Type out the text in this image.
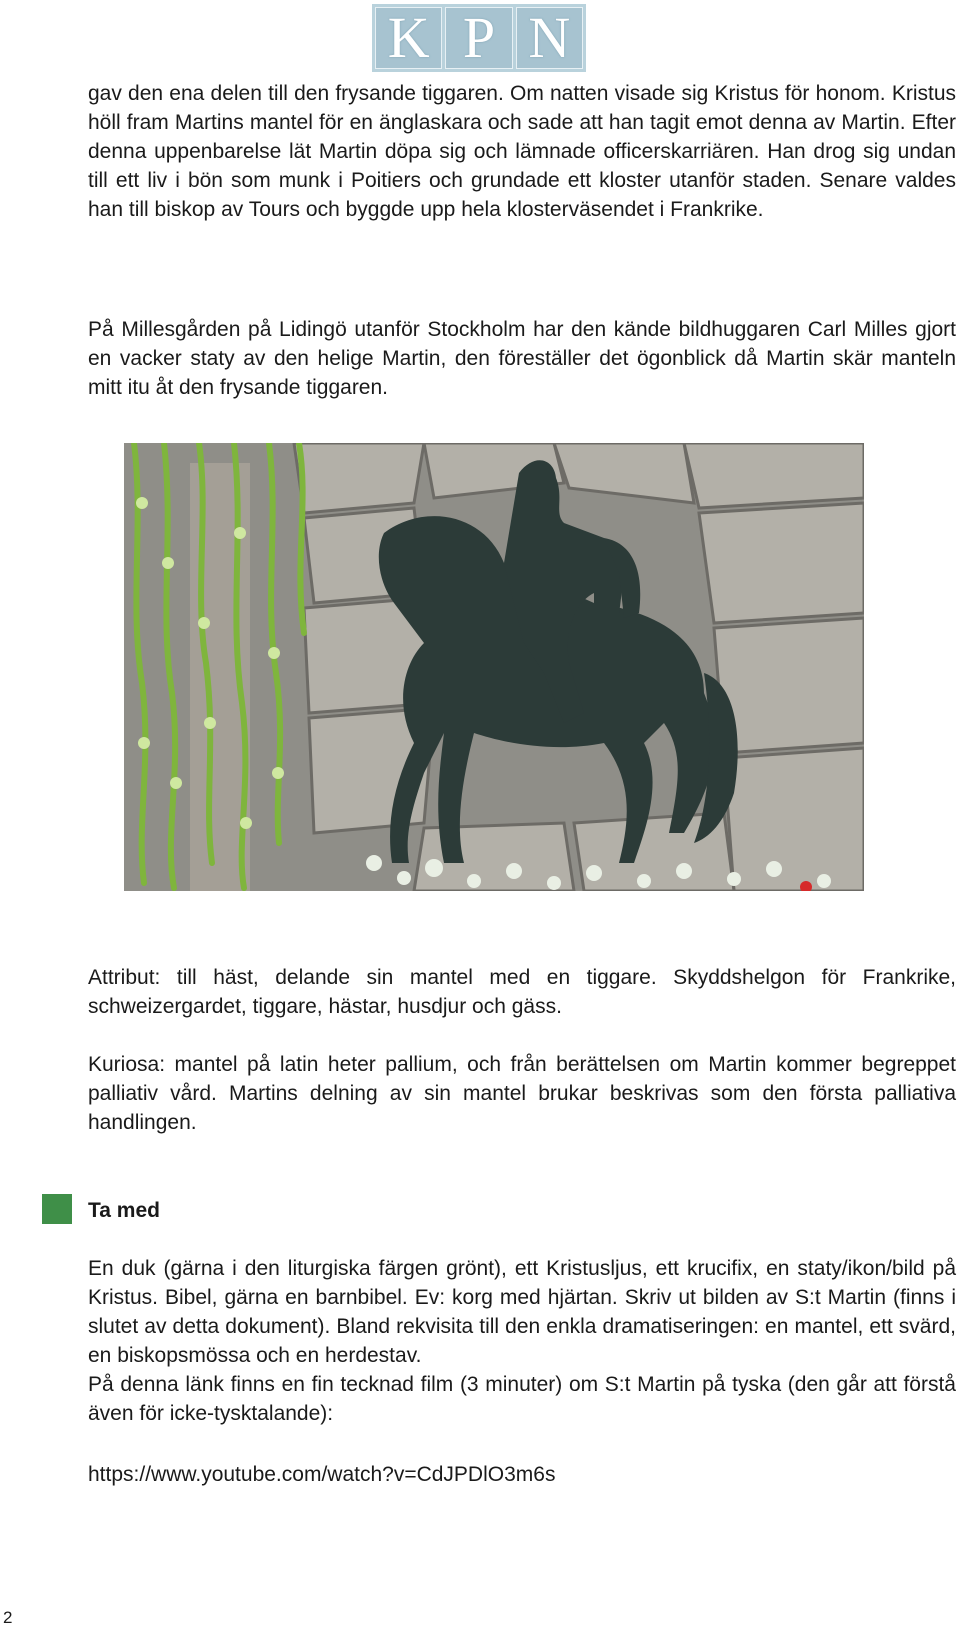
K P N

gav den ena delen till den frysande tiggaren. Om natten visade sig Kristus för honom. Kristus höll fram Martins mantel för en änglaskara och sade att han tagit emot denna av Martin. Efter denna uppenbarelse lät Martin döpa sig och lämnade officerskarriären. Han drog sig undan till ett liv i bön som munk i Poitiers och grundade ett kloster utanför staden. Senare valdes han till biskop av Tours och byggde upp hela klosterväsendet i Frankrike.

På Millesgården på Lidingö utanför Stockholm har den kände bildhuggaren Carl Milles gjort en vacker staty av den helige Martin, den föreställer det ögonblick då Martin skär manteln mitt itu åt den frysande tiggaren.

Attribut: till häst, delande sin mantel med en tiggare. Skyddshelgon för Frankrike, schweizergardet, tiggare, hästar, husdjur och gäss.

Kuriosa: mantel på latin heter pallium, och från berättelsen om Martin kommer begreppet palliativ vård. Martins delning av sin mantel brukar beskrivas som den första palliativa handlingen.

Ta med

En duk (gärna i den liturgiska färgen grönt), ett Kristusljus, ett krucifix, en staty/ikon/bild på Kristus. Bibel, gärna en barnbibel. Ev: korg med hjärtan. Skriv ut bilden av S:t Martin (finns i slutet av detta dokument). Bland rekvisita till den enkla dramatiseringen: en mantel, ett svärd, en biskopsmössa och en herdestav.

På denna länk finns en fin tecknad film (3 minuter) om S:t Martin på tyska (den går att förstå även för icke-tysktalande):

https://www.youtube.com/watch?v=CdJPDlO3m6s

2
